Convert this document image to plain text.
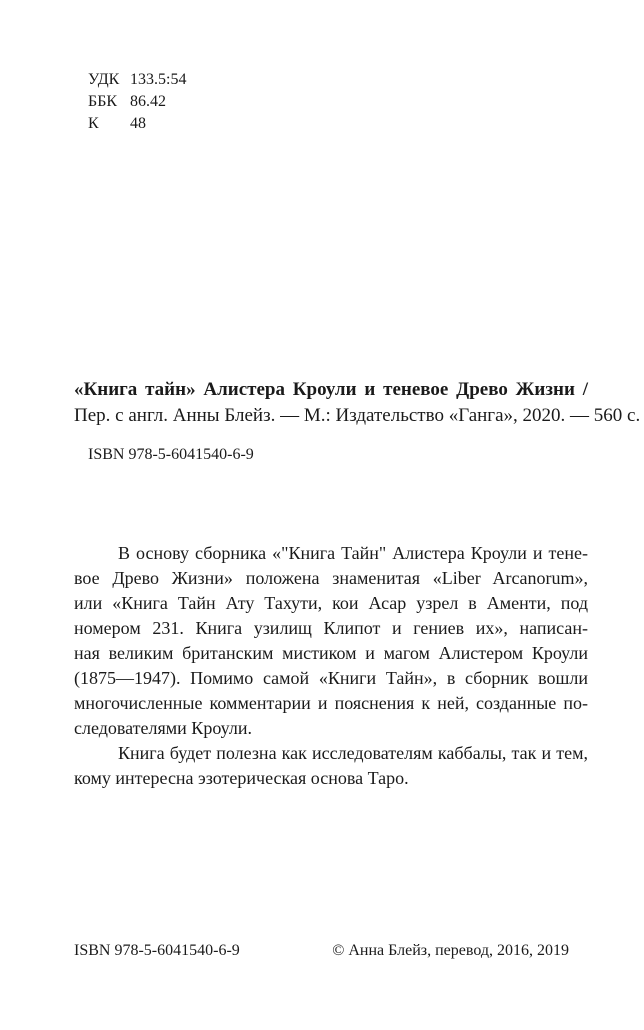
УДК 133.5:54
ББК 86.42
К	48
«Книга тайн» Алистера Кроули и теневое Древо Жизни /
Пер. с англ. Анны Блейз. — М.: Издательство «Ганга», 2020. — 560 с.
ISBN 978-5-6041540-6-9
В основу сборника «"Книга Тайн" Алистера Кроули и тене-
вое Древо Жизни» положена знаменитая «Liber Arcanorum»,
или «Книга Тайн Ату Тахути, кои Асар узрел в Аменти, под
номером 231. Книга узилищ Клипот и гениев их», написан-
ная великим британским мистиком и магом Алистером Кроули
(1875—1947). Помимо самой «Книги Тайн», в сборник вошли
многочисленные комментарии и пояснения к ней, созданные по-
следователями Кроули.
Книга будет полезна как исследователям каббалы, так и тем,
кому интересна эзотерическая основа Таро.
ISBN 978-5-6041540-6-9	© Анна Блейз, перевод, 2016, 2019
